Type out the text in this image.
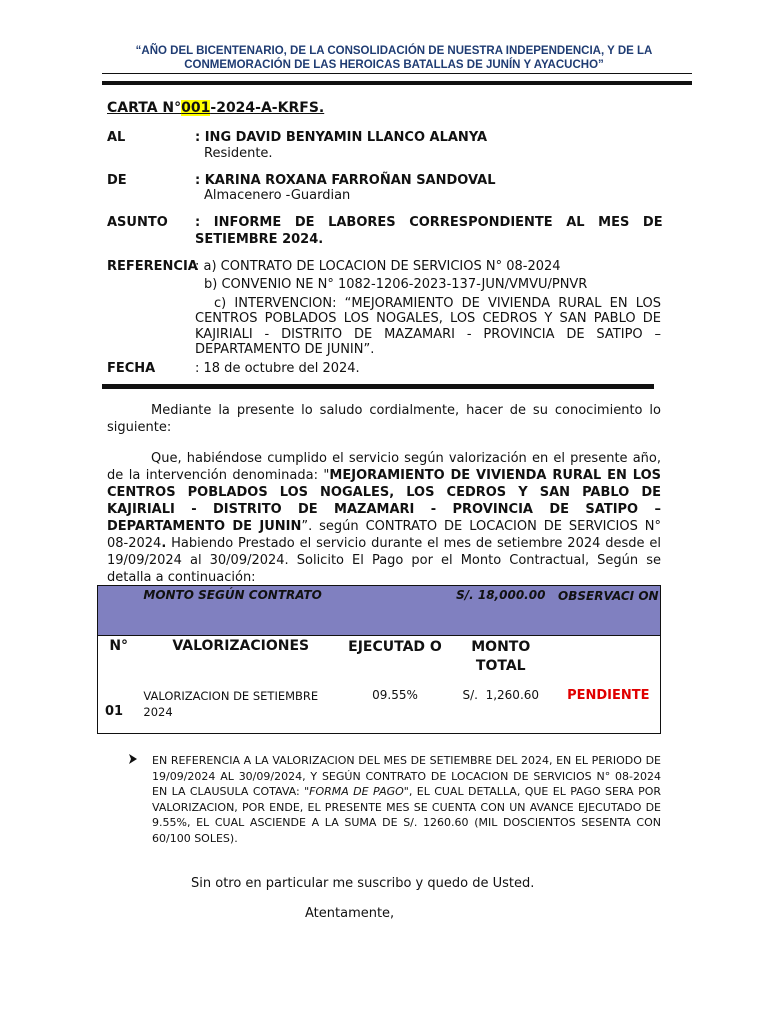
“AÑO DEL BICENTENARIO, DE LA CONSOLIDACIÓN DE NUESTRA INDEPENDENCIA, Y DE LA
CONMEMORACIÓN DE LAS HEROICAS BATALLAS DE JUNÍN Y AYACUCHO”
CARTA N°001-2024-A-KRFS.
AL	: ING DAVID BENYAMIN LLANCO ALANYA
Residente.
DE	: KARINA ROXANA FARROÑAN SANDOVAL
Almacenero -Guardian
ASUNTO :   INFORME   DE   LABORES   CORRESPONDIENTE   AL   MES   DE
SETIEMBRE 2024.
REFERENCIA
: a) CONTRATO DE LOCACION DE SERVICIOS N° 08-2024
b) CONVENIO NE N° 1082-1206-2023-137-JUN/VMVU/PNVR
c) INTERVENCION: “MEJORAMIENTO DE VIVIENDA RURAL EN LOS CENTROS POBLADOS LOS NOGALES, LOS CEDROS Y SAN PABLO DE KAJIRIALI - DISTRITO DE MAZAMARI - PROVINCIA DE SATIPO – DEPARTAMENTO DE JUNIN”.
FECHA	: 18 de octubre del 2024.
Mediante la presente lo saludo cordialmente, hacer de su conocimiento lo siguiente:
Que, habiéndose cumplido el servicio según valorización en el presente año, de la intervención denominada: "MEJORAMIENTO DE VIVIENDA RURAL EN LOS CENTROS POBLADOS LOS NOGALES, LOS CEDROS Y SAN PABLO DE KAJIRIALI - DISTRITO DE MAZAMARI - PROVINCIA DE SATIPO – DEPARTAMENTO DE JUNIN”. según CONTRATO DE LOCACION DE SERVICIOS N° 08-2024. Habiendo Prestado el servicio durante el mes de setiembre 2024 desde el 19/09/2024 al 30/09/2024. Solicito El Pago por el Monto Contractual, Según se detalla a continuación:
	MONTO SEGÚN CONTRATO		S/. 18,000.00	OBSERVACI ON
N°	VALORIZACIONES	EJECUTAD O	MONTO TOTAL	
01	VALORIZACION DE SETIEMBRE 2024	09.55%	S/.  1,260.60	PENDIENTE
EN REFERENCIA A LA VALORIZACION DEL MES DE SETIEMBRE DEL 2024, EN EL PERIODO DE 19/09/2024 AL 30/09/2024, Y SEGÚN CONTRATO DE LOCACION DE SERVICIOS N° 08-2024 EN LA CLAUSULA COTAVA: "FORMA DE PAGO", EL CUAL DETALLA, QUE EL PAGO SERA POR VALORIZACION, POR ENDE, EL PRESENTE MES SE CUENTA CON UN AVANCE EJECUTADO DE 9.55%, EL CUAL ASCIENDE A LA SUMA DE S/. 1260.60 (MIL DOSCIENTOS SESENTA CON 60/100 SOLES).
Sin otro en particular me suscribo y quedo de Usted.
Atentamente,
